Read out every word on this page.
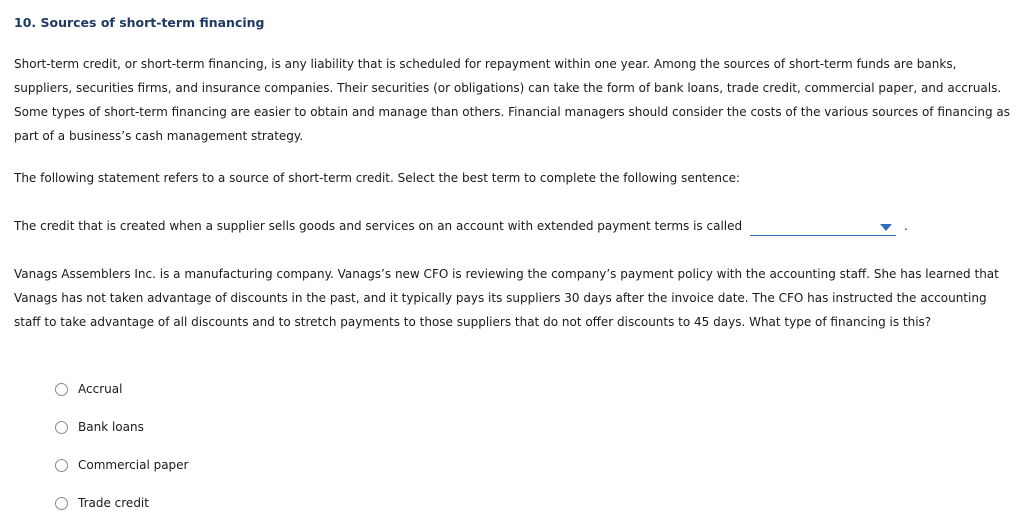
10. Sources of short-term financing
Short-term credit, or short-term financing, is any liability that is scheduled for repayment within one year. Among the sources of short-term funds are banks, suppliers, securities firms, and insurance companies. Their securities (or obligations) can take the form of bank loans, trade credit, commercial paper, and accruals. Some types of short-term financing are easier to obtain and manage than others. Financial managers should consider the costs of the various sources of financing as part of a business’s cash management strategy.
The following statement refers to a source of short-term credit. Select the best term to complete the following sentence:
The credit that is created when a supplier sells goods and services on an account with extended payment terms is called	.
Vanags Assemblers Inc. is a manufacturing company. Vanags’s new CFO is reviewing the company’s payment policy with the accounting staff. She has learned that Vanags has not taken advantage of discounts in the past, and it typically pays its suppliers 30 days after the invoice date. The CFO has instructed the accounting staff to take advantage of all discounts and to stretch payments to those suppliers that do not offer discounts to 45 days. What type of financing is this?
Accrual
Bank loans
Commercial paper
Trade credit
